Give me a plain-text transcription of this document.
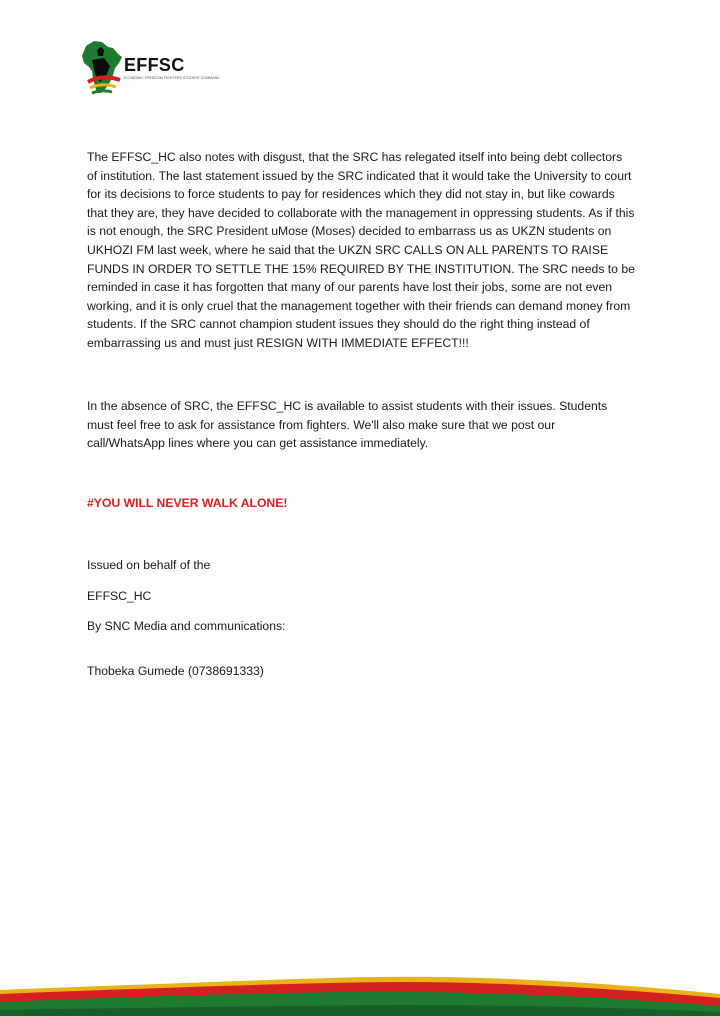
EFFSC
ECONOMIC FREEDOM FIGHTERS STUDENT COMMAND

The EFFSC_HC also notes with disgust, that the SRC has relegated itself into being debt collectors of institution. The last statement issued by the SRC indicated that it would take the University to court for its decisions to force students to pay for residences which they did not stay in, but like cowards that they are, they have decided to collaborate with the management in oppressing students. As if this is not enough, the SRC President uMose (Moses) decided to embarrass us as UKZN students on UKHOZI FM last week, where he said that the UKZN SRC CALLS ON ALL PARENTS TO RAISE FUNDS IN ORDER TO SETTLE THE 15% REQUIRED BY THE INSTITUTION. The SRC needs to be reminded in case it has forgotten that many of our parents have lost their jobs, some are not even working, and it is only cruel that the management together with their friends can demand money from students. If the SRC cannot champion student issues they should do the right thing instead of embarrassing us and must just RESIGN WITH IMMEDIATE EFFECT!!!

In the absence of SRC, the EFFSC_HC is available to assist students with their issues. Students must feel free to ask for assistance from fighters. We'll also make sure that we post our call/WhatsApp lines where you can get assistance immediately.

#YOU WILL NEVER WALK ALONE!

Issued on behalf of the

EFFSC_HC

By SNC Media and communications:

Thobeka Gumede (0738691333)
